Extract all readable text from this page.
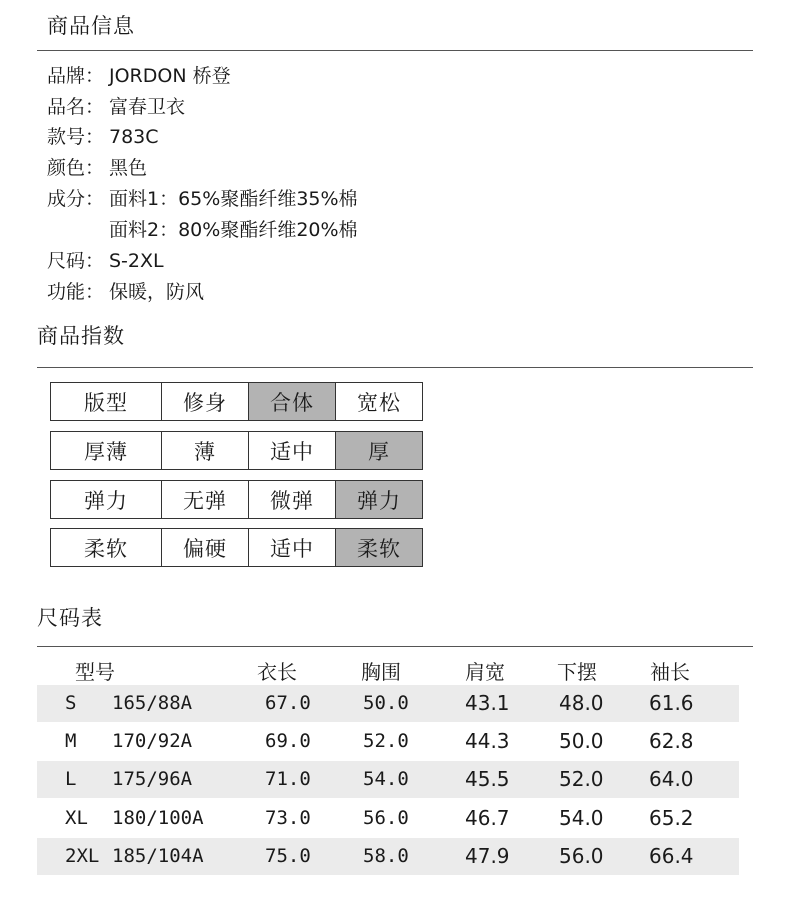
商品信息
品牌： JORDON 桥登
品名： 富春卫衣
款号： 783C
颜色： 黑色
成分： 面料1：65%聚酯纤维35%棉
面料2：80%聚酯纤维20%棉
尺码： S-2XL
功能： 保暖，防风
商品指数
版型	修身	合体	宽松
厚薄	薄	适中	厚
弹力	无弹	微弹	弹力
柔软	偏硬	适中	柔软
尺码表
型号	衣长	胸围	肩宽	下摆	袖长
S 165/88A	67.0	50.0	43.1 48.0 61.6
M 170/92A	69.0	52.0	44.3 50.0 62.8
L 175/96A	71.0	54.0	45.5 52.0 64.0
XL 180/100A	73.0	56.0	46.7 54.0 65.2
2XL 185/104A	75.0	58.0	47.9 56.0 66.4
